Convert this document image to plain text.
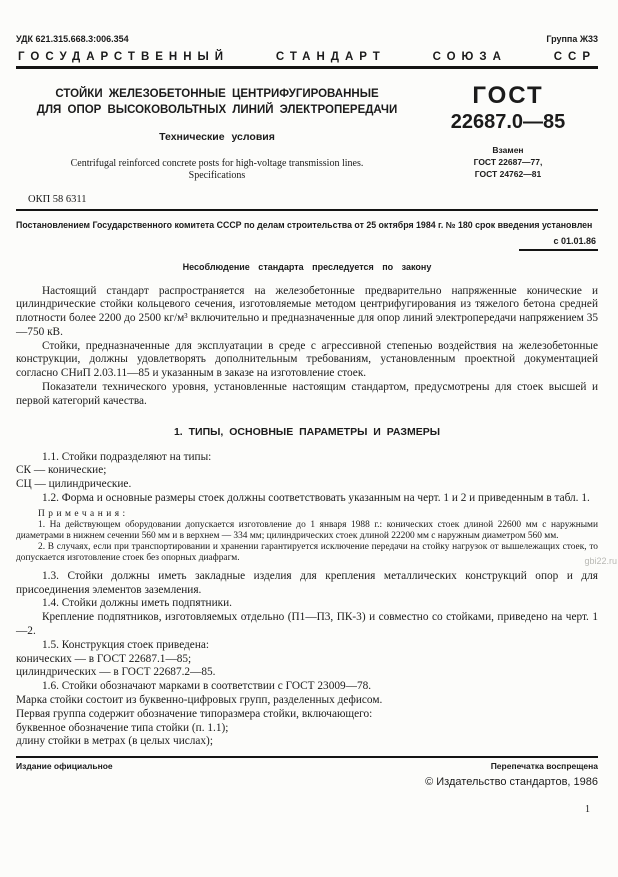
УДК 621.315.668.3:006.354	Группа Ж33
ГОСУДАРСТВЕННЫЙ	СТАНДАРТ	СОЮЗА	ССР
СТОЙКИ ЖЕЛЕЗОБЕТОННЫЕ ЦЕНТРИФУГИРОВАННЫЕ
ДЛЯ ОПОР ВЫСОКОВОЛЬТНЫХ ЛИНИЙ ЭЛЕКТРОПЕРЕДАЧИ
Технические условия
Centrifugal reinforced concrete posts for high-voltage transmission lines.
Specifications
ГОСТ
22687.0—85
Взамен
ГОСТ 22687—77,
ГОСТ 24762—81
ОКП 58 6311
Постановлением Государственного комитета СССР по делам строительства от 25 октября 1984 г. № 180 срок введения установлен
с 01.01.86
Несоблюдение стандарта преследуется по закону

Настоящий стандарт распространяется на железобетонные предварительно напряженные конические и цилиндрические стойки кольцевого сечения, изготовляемые методом центрифугирования из тяжелого бетона средней плотности более 2200 до 2500 кг/м³ включительно и предназначенные для опор линий электропередачи напряжением 35—750 кВ.

Стойки, предназначенные для эксплуатации в среде с агрессивной степенью воздействия на железобетонные конструкции, должны удовлетворять дополнительным требованиям, установленным проектной документацией согласно СНиП 2.03.11—85 и указанным в заказе на изготовление стоек.

Показатели технического уровня, установленные настоящим стандартом, предусмотрены для стоек высшей и первой категорий качества.

1. ТИПЫ, ОСНОВНЫЕ ПАРАМЕТРЫ И РАЗМЕРЫ

1.1. Стойки подразделяют на типы:

СК — конические;

СЦ — цилиндрические.

1.2. Форма и основные размеры стоек должны соответствовать указанным на черт. 1 и 2 и приведенным в табл. 1.

Примечания:

1. На действующем оборудовании допускается изготовление до 1 января 1988 г.: конических стоек длиной 22600 мм с наружными диаметрами в нижнем сечении 560 мм и в верхнем — 334 мм; цилиндрических стоек длиной 22200 мм с наружным диаметром 560 мм.

2. В случаях, если при транспортировании и хранении гарантируется исключение передачи на стойку нагрузок от вышележащих стоек, то допускается изготовление стоек без опорных диафрагм.

1.3. Стойки должны иметь закладные изделия для крепления металлических конструкций опор и для присоединения элементов заземления.

1.4. Стойки должны иметь подпятники.

Крепление подпятников, изготовляемых отдельно (П1—П3, ПК-3) и совместно со стойками, приведено на черт. 1—2.

1.5. Конструкция стоек приведена:

конических — в ГОСТ 22687.1—85;

цилиндрических — в ГОСТ 22687.2—85.

1.6. Стойки обозначают марками в соответствии с ГОСТ 23009—78.

Марка стойки состоит из буквенно-цифровых групп, разделенных дефисом.

Первая группа содержит обозначение типоразмера стойки, включающего:

буквенное обозначение типа стойки (п. 1.1);

длину стойки в метрах (в целых числах);

Издание официальное	Перепечатка воспрещена
© Издательство стандартов, 1986
1
gbi22.ru
